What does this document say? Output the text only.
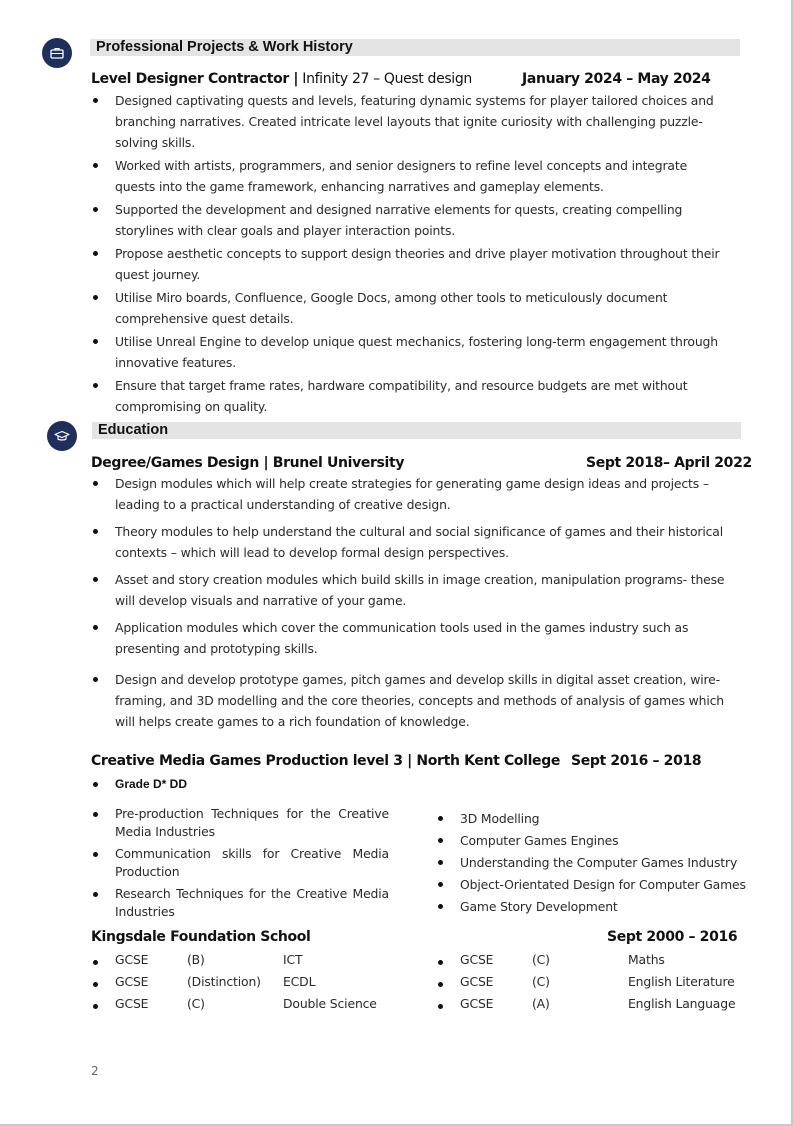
Professional Projects & Work History
Level Designer Contractor | Infinity 27 – Quest design	January 2024 – May 2024
Designed captivating quests and levels, featuring dynamic systems for player tailored choices and branching narratives. Created intricate level layouts that ignite curiosity with challenging puzzle-solving skills.
Worked with artists, programmers, and senior designers to refine level concepts and integrate quests into the game framework, enhancing narratives and gameplay elements.
Supported the development and designed narrative elements for quests, creating compelling storylines with clear goals and player interaction points.
Propose aesthetic concepts to support design theories and drive player motivation throughout their quest journey.
Utilise Miro boards, Confluence, Google Docs, among other tools to meticulously document comprehensive quest details.
Utilise Unreal Engine to develop unique quest mechanics, fostering long-term engagement through innovative features.
Ensure that target frame rates, hardware compatibility, and resource budgets are met without compromising on quality.
Education
Degree/Games Design | Brunel University	Sept 2018– April 2022
Design modules which will help create strategies for generating game design ideas and projects – leading to a practical understanding of creative design.
Theory modules to help understand the cultural and social significance of games and their historical contexts – which will lead to develop formal design perspectives.
Asset and story creation modules which build skills in image creation, manipulation programs- these will develop visuals and narrative of your game.
Application modules which cover the communication tools used in the games industry such as presenting and prototyping skills.
Design and develop prototype games, pitch games and develop skills in digital asset creation, wire-framing, and 3D modelling and the core theories, concepts and methods of analysis of games which will helps create games to a rich foundation of knowledge.
Creative Media Games Production level 3 | North Kent College Sept 2016 – 2018
Grade D* DD
Pre-production Techniques for the Creative Media Industries
Communication skills for Creative Media Production
Research Techniques for the Creative Media Industries
3D Modelling
Computer Games Engines
Understanding the Computer Games Industry
Object-Orientated Design for Computer Games
Game Story Development
Kingsdale Foundation School	Sept 2000 – 2016
GCSE	(B)	ICT
GCSE	(Distinction) ECDL
GCSE	(C)	Double Science
GCSE	(C)	Maths
GCSE	(C)	English Literature
GCSE	(A)	English Language
2
